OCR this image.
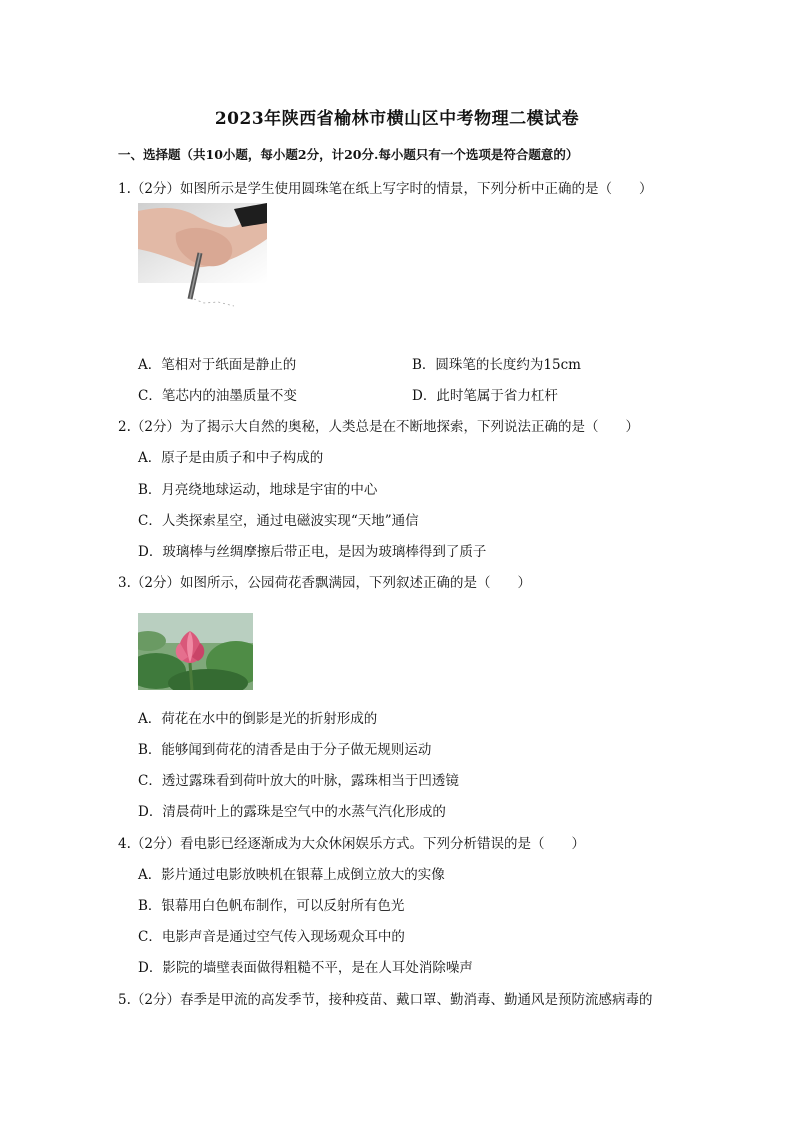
2023年陕西省榆林市横山区中考物理二模试卷
一、选择题（共10小题，每小题2分，计20分.每小题只有一个选项是符合题意的）
1.（2分）如图所示是学生使用圆珠笔在纸上写字时的情景，下列分析中正确的是（　　）
A．笔相对于纸面是静止的	B．圆珠笔的长度约为15cm
C．笔芯内的油墨质量不变	D．此时笔属于省力杠杆
2.（2分）为了揭示大自然的奥秘，人类总是在不断地探索，下列说法正确的是（　　）
A．原子是由质子和中子构成的
B．月亮绕地球运动，地球是宇宙的中心
C．人类探索星空，通过电磁波实现“天地”通信
D．玻璃棒与丝绸摩擦后带正电，是因为玻璃棒得到了质子
3.（2分）如图所示，公园荷花香飘满园，下列叙述正确的是（　　）
A．荷花在水中的倒影是光的折射形成的
B．能够闻到荷花的清香是由于分子做无规则运动
C．透过露珠看到荷叶放大的叶脉，露珠相当于凹透镜
D．清晨荷叶上的露珠是空气中的水蒸气汽化形成的
4.（2分）看电影已经逐渐成为大众休闲娱乐方式。下列分析错误的是（　　）
A．影片通过电影放映机在银幕上成倒立放大的实像
B．银幕用白色帆布制作，可以反射所有色光
C．电影声音是通过空气传入现场观众耳中的
D．影院的墙壁表面做得粗糙不平，是在人耳处消除噪声
5.（2分）春季是甲流的高发季节，接种疫苗、戴口罩、勤消毒、勤通风是预防流感病毒的
